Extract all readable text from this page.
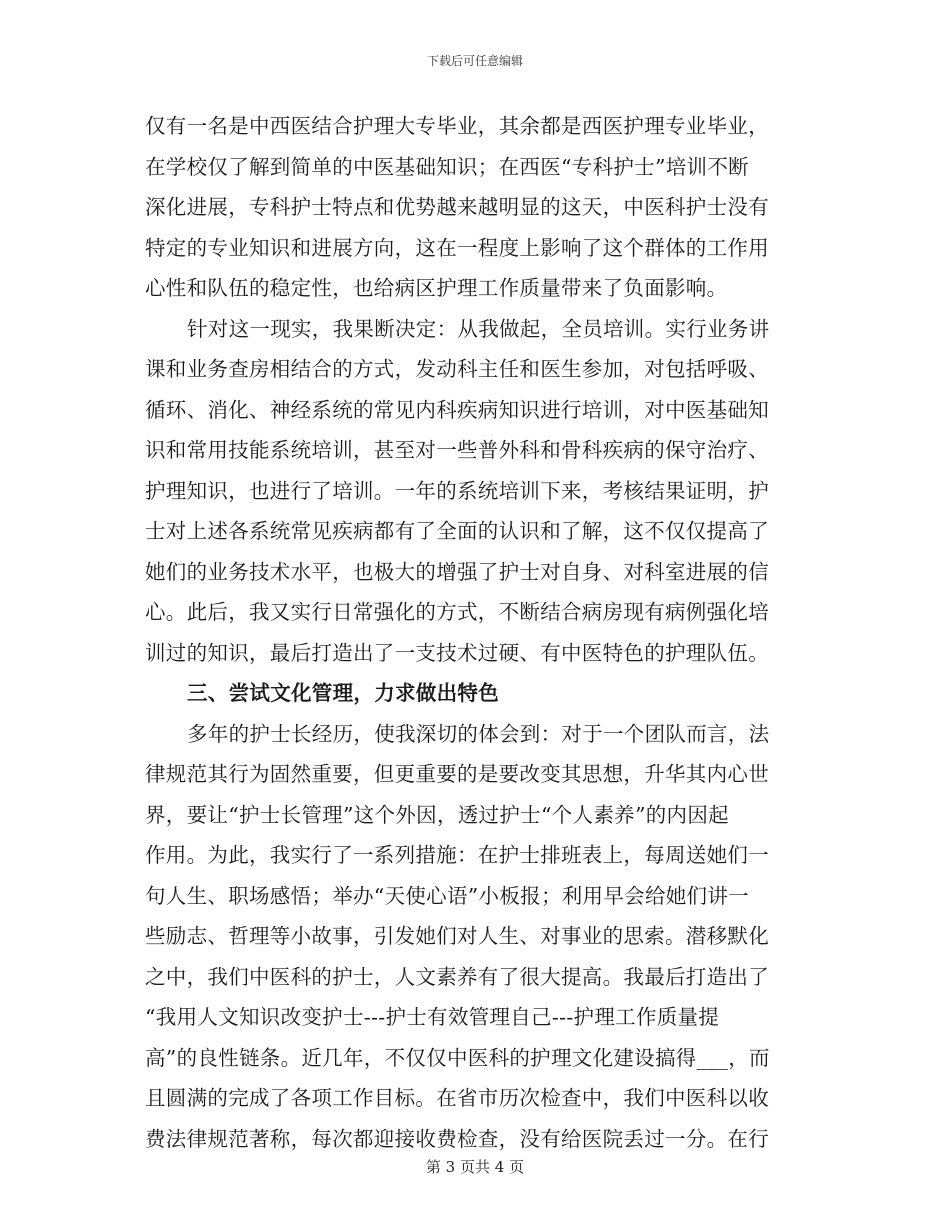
下载后可任意编辑
仅有一名是中西医结合护理大专毕业，其余都是西医护理专业毕业，
在学校仅了解到简单的中医基础知识；在西医“专科护士”培训不断
深化进展，专科护士特点和优势越来越明显的这天，中医科护士没有
特定的专业知识和进展方向，这在一程度上影响了这个群体的工作用
心性和队伍的稳定性，也给病区护理工作质量带来了负面影响。
针对这一现实，我果断决定：从我做起，全员培训。实行业务讲
课和业务查房相结合的方式，发动科主任和医生参加，对包括呼吸、
循环、消化、神经系统的常见内科疾病知识进行培训，对中医基础知
识和常用技能系统培训，甚至对一些普外科和骨科疾病的保守治疗、
护理知识，也进行了培训。一年的系统培训下来，考核结果证明，护
士对上述各系统常见疾病都有了全面的认识和了解，这不仅仅提高了
她们的业务技术水平，也极大的增强了护士对自身、对科室进展的信
心。此后，我又实行日常强化的方式，不断结合病房现有病例强化培
训过的知识，最后打造出了一支技术过硬、有中医特色的护理队伍。
三、尝试文化管理，力求做出特色
多年的护士长经历，使我深切的体会到：对于一个团队而言，法
律规范其行为固然重要，但更重要的是要改变其思想，升华其内心世
界，要让“护士长管理”这个外因，透过护士“个人素养”的内因起
作用。为此，我实行了一系列措施：在护士排班表上，每周送她们一
句人生、职场感悟；举办“天使心语”小板报；利用早会给她们讲一
些励志、哲理等小故事，引发她们对人生、对事业的思索。潜移默化
之中，我们中医科的护士，人文素养有了很大提高。我最后打造出了
“我用人文知识改变护士---护士有效管理自己---护理工作质量提
高”的良性链条。近几年，不仅仅中医科的护理文化建设搞得___，而
且圆满的完成了各项工作目标。在省市历次检查中，我们中医科以收
费法律规范著称，每次都迎接收费检查，没有给医院丢过一分。在行
第 3 页共 4 页
